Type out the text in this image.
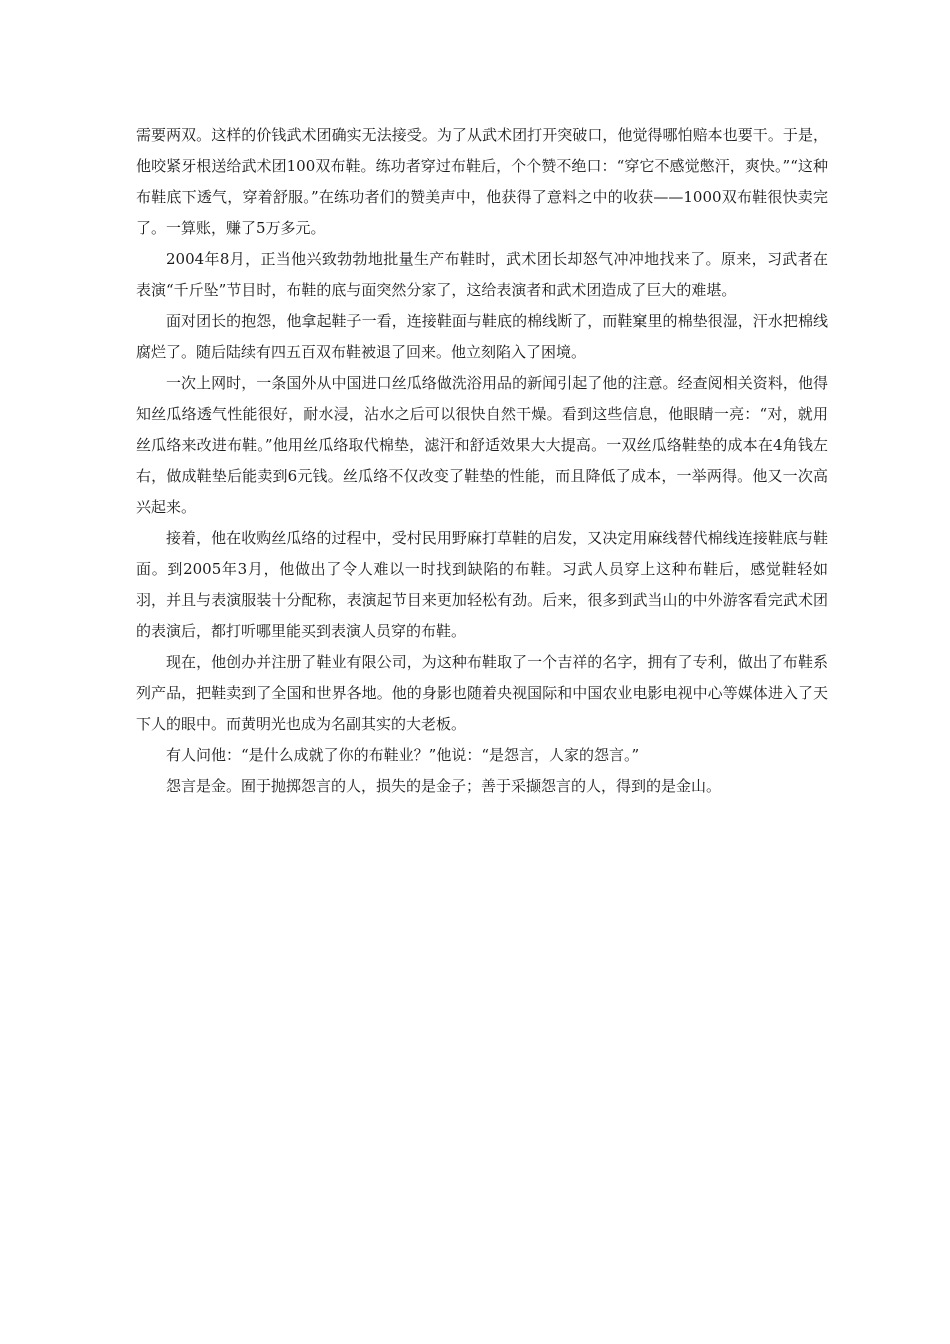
需要两双。这样的价钱武术团确实无法接受。为了从武术团打开突破口，他觉得哪怕赔本也要干。于是，他咬紧牙根送给武术团100双布鞋。练功者穿过布鞋后，个个赞不绝口：“穿它不感觉憋汗，爽快。”“这种布鞋底下透气，穿着舒服。”在练功者们的赞美声中，他获得了意料之中的收获——1000双布鞋很快卖完了。一算账，赚了5万多元。

2004年8月，正当他兴致勃勃地批量生产布鞋时，武术团长却怒气冲冲地找来了。原来，习武者在表演“千斤坠”节目时，布鞋的底与面突然分家了，这给表演者和武术团造成了巨大的难堪。

面对团长的抱怨，他拿起鞋子一看，连接鞋面与鞋底的棉线断了，而鞋窠里的棉垫很湿，汗水把棉线腐烂了。随后陆续有四五百双布鞋被退了回来。他立刻陷入了困境。

一次上网时，一条国外从中国进口丝瓜络做洗浴用品的新闻引起了他的注意。经查阅相关资料，他得知丝瓜络透气性能很好，耐水浸，沾水之后可以很快自然干燥。看到这些信息，他眼睛一亮：“对，就用丝瓜络来改进布鞋。”他用丝瓜络取代棉垫，滤汗和舒适效果大大提高。一双丝瓜络鞋垫的成本在4角钱左右，做成鞋垫后能卖到6元钱。丝瓜络不仅改变了鞋垫的性能，而且降低了成本，一举两得。他又一次高兴起来。

接着，他在收购丝瓜络的过程中，受村民用野麻打草鞋的启发，又决定用麻线替代棉线连接鞋底与鞋面。到2005年3月，他做出了令人难以一时找到缺陷的布鞋。习武人员穿上这种布鞋后，感觉鞋轻如羽，并且与表演服装十分配称，表演起节目来更加轻松有劲。后来，很多到武当山的中外游客看完武术团的表演后，都打听哪里能买到表演人员穿的布鞋。

现在，他创办并注册了鞋业有限公司，为这种布鞋取了一个吉祥的名字，拥有了专利，做出了布鞋系列产品，把鞋卖到了全国和世界各地。他的身影也随着央视国际和中国农业电影电视中心等媒体进入了天下人的眼中。而黄明光也成为名副其实的大老板。

有人问他：“是什么成就了你的布鞋业？”他说：“是怨言，人家的怨言。”

怨言是金。囿于抛掷怨言的人，损失的是金子；善于采撷怨言的人，得到的是金山。
